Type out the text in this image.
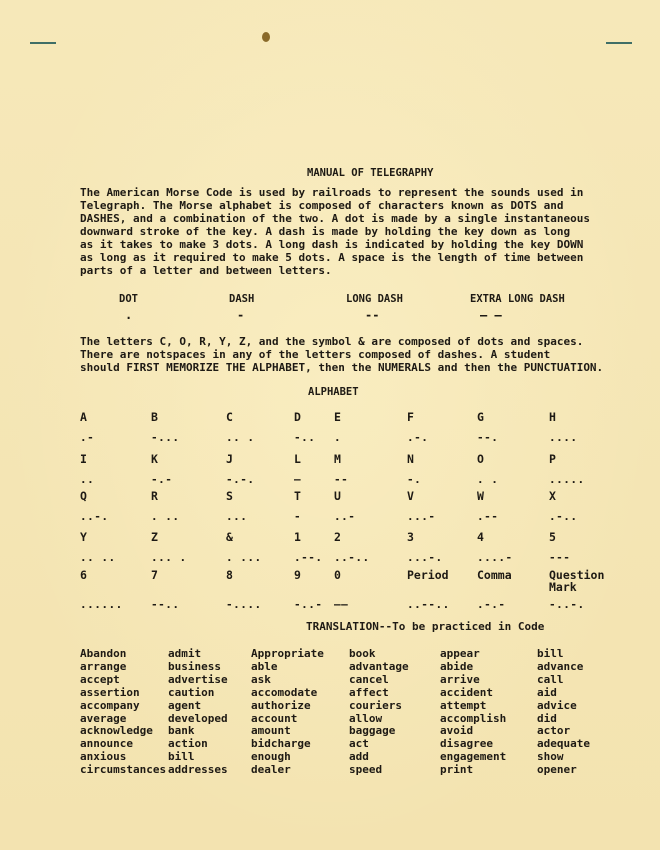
MANUAL OF TELEGRAPHY
The American Morse Code is used by railroads to represent the sounds used in
Telegraph. The Morse alphabet is composed of characters known as DOTS and
DASHES, and a combination of the two. A dot is made by a single instantaneous
downward stroke of the key. A dash is made by holding the key down as long
as it takes to make 3 dots. A long dash is indicated by holding the key DOWN
as long as it required to make 5 dots. A space is the length of time between
parts of a letter and between letters.
DOT
.
DASH
-
LONG DASH
--
EXTRA LONG DASH
— —
The letters C, O, R, Y, Z, and the symbol & are composed of dots and spaces.
There are notspaces in any of the letters composed of dashes. A student
should FIRST MEMORIZE THE ALPHABET, then the NUMERALS and then the PUNCTUATION.
ALPHABET
A
.-
B
-...
C
.. .
D
-..
E
.
F
.-.
G
--.
H
....
I
..
K
-.-
J
-.-.
L
—
M
--
N
-.
O
. .
P
.....
Q
..-.
R
. ..
S
...
T
-
U
..-
V
...-
W
.--
X
.-..
Y
.. ..
Z
... .
&
. ...
1
.--.
2
..-..
3
...-.
4
....-
5
---
6
......
7
--..
8
-....
9
-..-
0
——
Period
..--..
Comma
.-.-
Question
Mark
-..-.
TRANSLATION--To be practiced in Code
Abandon
arrange
accept
assertion
accompany
average
acknowledge
announce
anxious
circumstances
admit
business
advertise
caution
agent
developed
bank
action
bill
addresses
Appropriate
able
ask
accomodate
authorize
account
amount
bidcharge
enough
dealer
book
advantage
cancel
affect
couriers
allow
baggage
act
add
speed
appear
abide
arrive
accident
attempt
accomplish
avoid
disagree
engagement
print
bill
advance
call
aid
advice
did
actor
adequate
show
opener
